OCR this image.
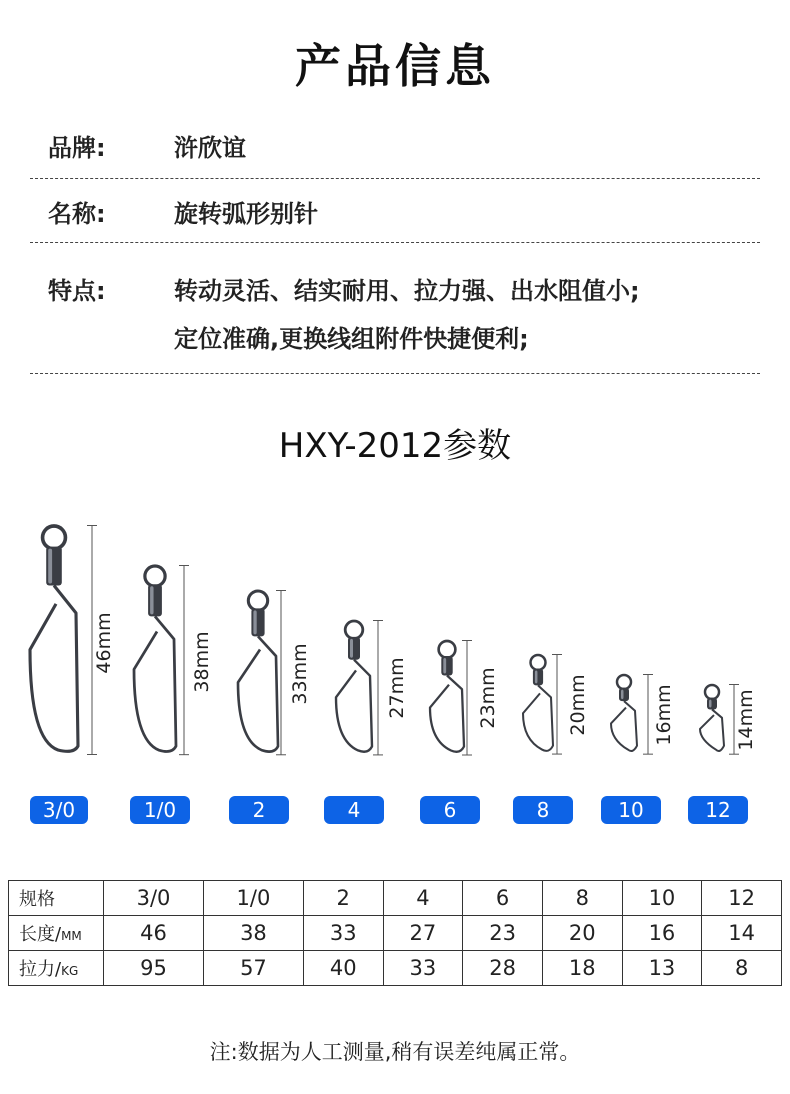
产品信息
品牌:	浒欣谊
名称:	旋转弧形别针
特点:	转动灵活、结实耐用、拉力强、出水阻值小;
定位准确,更换线组附件快捷便利;
HXY-2012参数
46mm	38mm	33mm	27mm	23mm	20mm	16mm	14mm
3/0	1/0	2	4	6	8	10	12
规格	3/0	1/0	2	4	6	8	10	12
长度/MM	46	38	33	27	23	20	16	14
拉力/KG	95	57	40	33	28	18	13	8
注:数据为人工测量,稍有误差纯属正常。
